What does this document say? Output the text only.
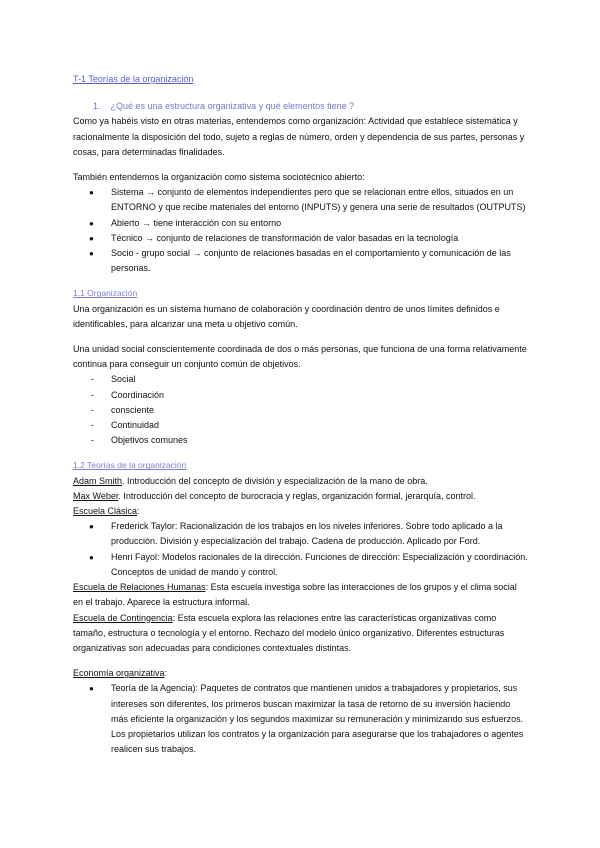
T-1 Teorías de la organización
1. ¿Qué es una estructura organizativa y qué elementos tiene ?

Como ya habéis visto en otras materias, entendemos como organización: Actividad que establece sistemática y racionalmente la disposición del todo, sujeto a reglas de número, orden y dependencia de sus partes, personas y cosas, para determinadas finalidades.

También entendemos la organización como sistema sociotécnico abierto:

● Sistema → conjunto de elementos independientes pero que se relacionan entre ellos, situados en un ENTORNO y que recibe materiales del entorno (INPUTS) y genera una serie de resultados (OUTPUTS)
● Abierto → tiene interacción con su entorno
● Técnico → conjunto de relaciones de transformación de valor basadas en la tecnología
● Socio - grupo social → conjunto de relaciones basadas en el comportamiento y comunicación de las personas.
1.1 Organización

Una organización es un sistema humano de colaboración y coordinación dentro de unos límites definidos e identificables, para alcanzar una meta u objetivo común.

Una unidad social conscientemente coordinada de dos o más personas, que funciona de una forma relativamente continua para conseguir un conjunto común de objetivos.

- Social
- Coordinación
- consciente
- Continuidad
- Objetivos comunes
1.2 Teorías de la organización

Adam Smith. Introducción del concepto de división y especialización de la mano de obra.

Max Weber. Introducción del concepto de burocracia y reglas, organización formal, jerarquía, control.

Escuela Clásica:

● Frederick Taylor: Racionalización de los trabajos en los niveles inferiores. Sobre todo aplicado a la producción. División y especialización del trabajo. Cadena de producción. Aplicado por Ford.
● Henri Fayol: Modelos racionales de la dirección. Funciones de dirección: Especialización y coordinación. Conceptos de unidad de mando y control.

Escuela de Relaciones Humanas: Esta escuela investiga sobre las interacciones de los grupos y el clima social en el trabajo. Aparece la estructura informal.

Escuela de Contingencia: Esta escuela explora las relaciones entre las características organizativas como tamaño, estructura o tecnología y el entorno. Rechazo del modelo único organizativo. Diferentes estructuras organizativas son adecuadas para condiciones contextuales distintas.

Economía organizativa:

● Teoría de la Agencia): Paquetes de contratos que mantienen unidos a trabajadores y propietarios, sus intereses son diferentes, los primeros buscan maximizar la tasa de retorno de su inversión haciendo más eficiente la organización y los segundos maximizar su remuneración y minimizando sus esfuerzos. Los propietarios utilizan los contratos y la organización para asegurarse que los trabajadores o agentes realicen sus trabajos.
